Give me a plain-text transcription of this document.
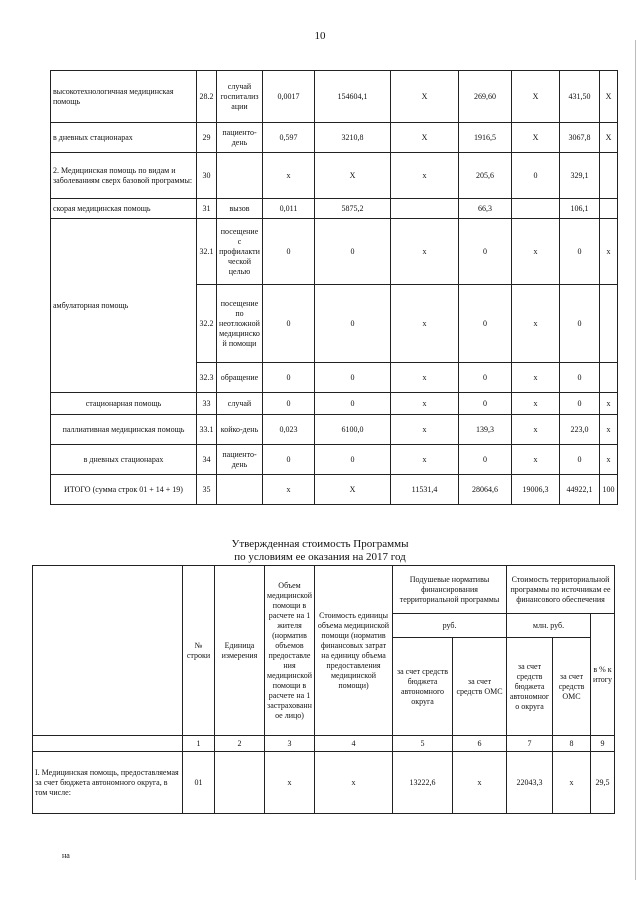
10
высокотехнологичная медицинская помощь	28.2	случай госпитализации	0,0017	154604,1	X	269,60	X	431,50	X
в дневных стационарах	29	пациенто-день	0,597	3210,8	X	1916,5	X	3067,8	X
2. Медицинская помощь по видам и заболеваниям сверх базовой программы:	30		х	Х	х	205,6	0	329,1	
скорая медицинская помощь	31	вызов	0,011	5875,2		66,3		106,1	
амбулаторная помощь	32.1	посещение с профилактической целью	0	0	х	0	х	0	х
	32.2	посещение по неотложной медицинской помощи	0	0	х	0	х	0	
	32.3	обращение	0	0	х	0	х	0	
стационарная помощь	33	случай	0	0	х	0	х	0	х
паллиативная медицинская помощь	33.1	койко-день	0,023	6100,0	х	139,3	х	223,0	х
в дневных стационарах	34	пациенто-день	0	0	х	0	х	0	х
ИТОГО (сумма строк 01 + 14 + 19)	35		х	Х	11531,4	28064,6	19006,3	44922,1	100
Утвержденная стоимость Программы
по условиям ее оказания на 2017 год
	№ строки	Единица измерения	Объем медицинской помощи в расчете на 1 жителя (норматив объемов предоставления медицинской помощи в расчете на 1 застрахованное лицо)	Стоимость единицы объема медицинской помощи (норматив финансовых затрат на единицу объема предоставления медицинской помощи)	Подушевые нормативы финансирования территориальной программы		Стоимость территориальной программы по источникам ее финансового обеспечения		
					руб.		млн. руб.		в % к итогу
					за счет средств бюджета автономного округа	за счет средств ОМС	за счет средств бюджета автономного округа	за счет средств ОМС	
	1	2	3	4	5	6	7	8	9
I. Медицинская помощь, предоставляемая за счет бюджета автономного округа, в том числе:	01		х	х	13222,6	х	22043,3	х	29,5
на
